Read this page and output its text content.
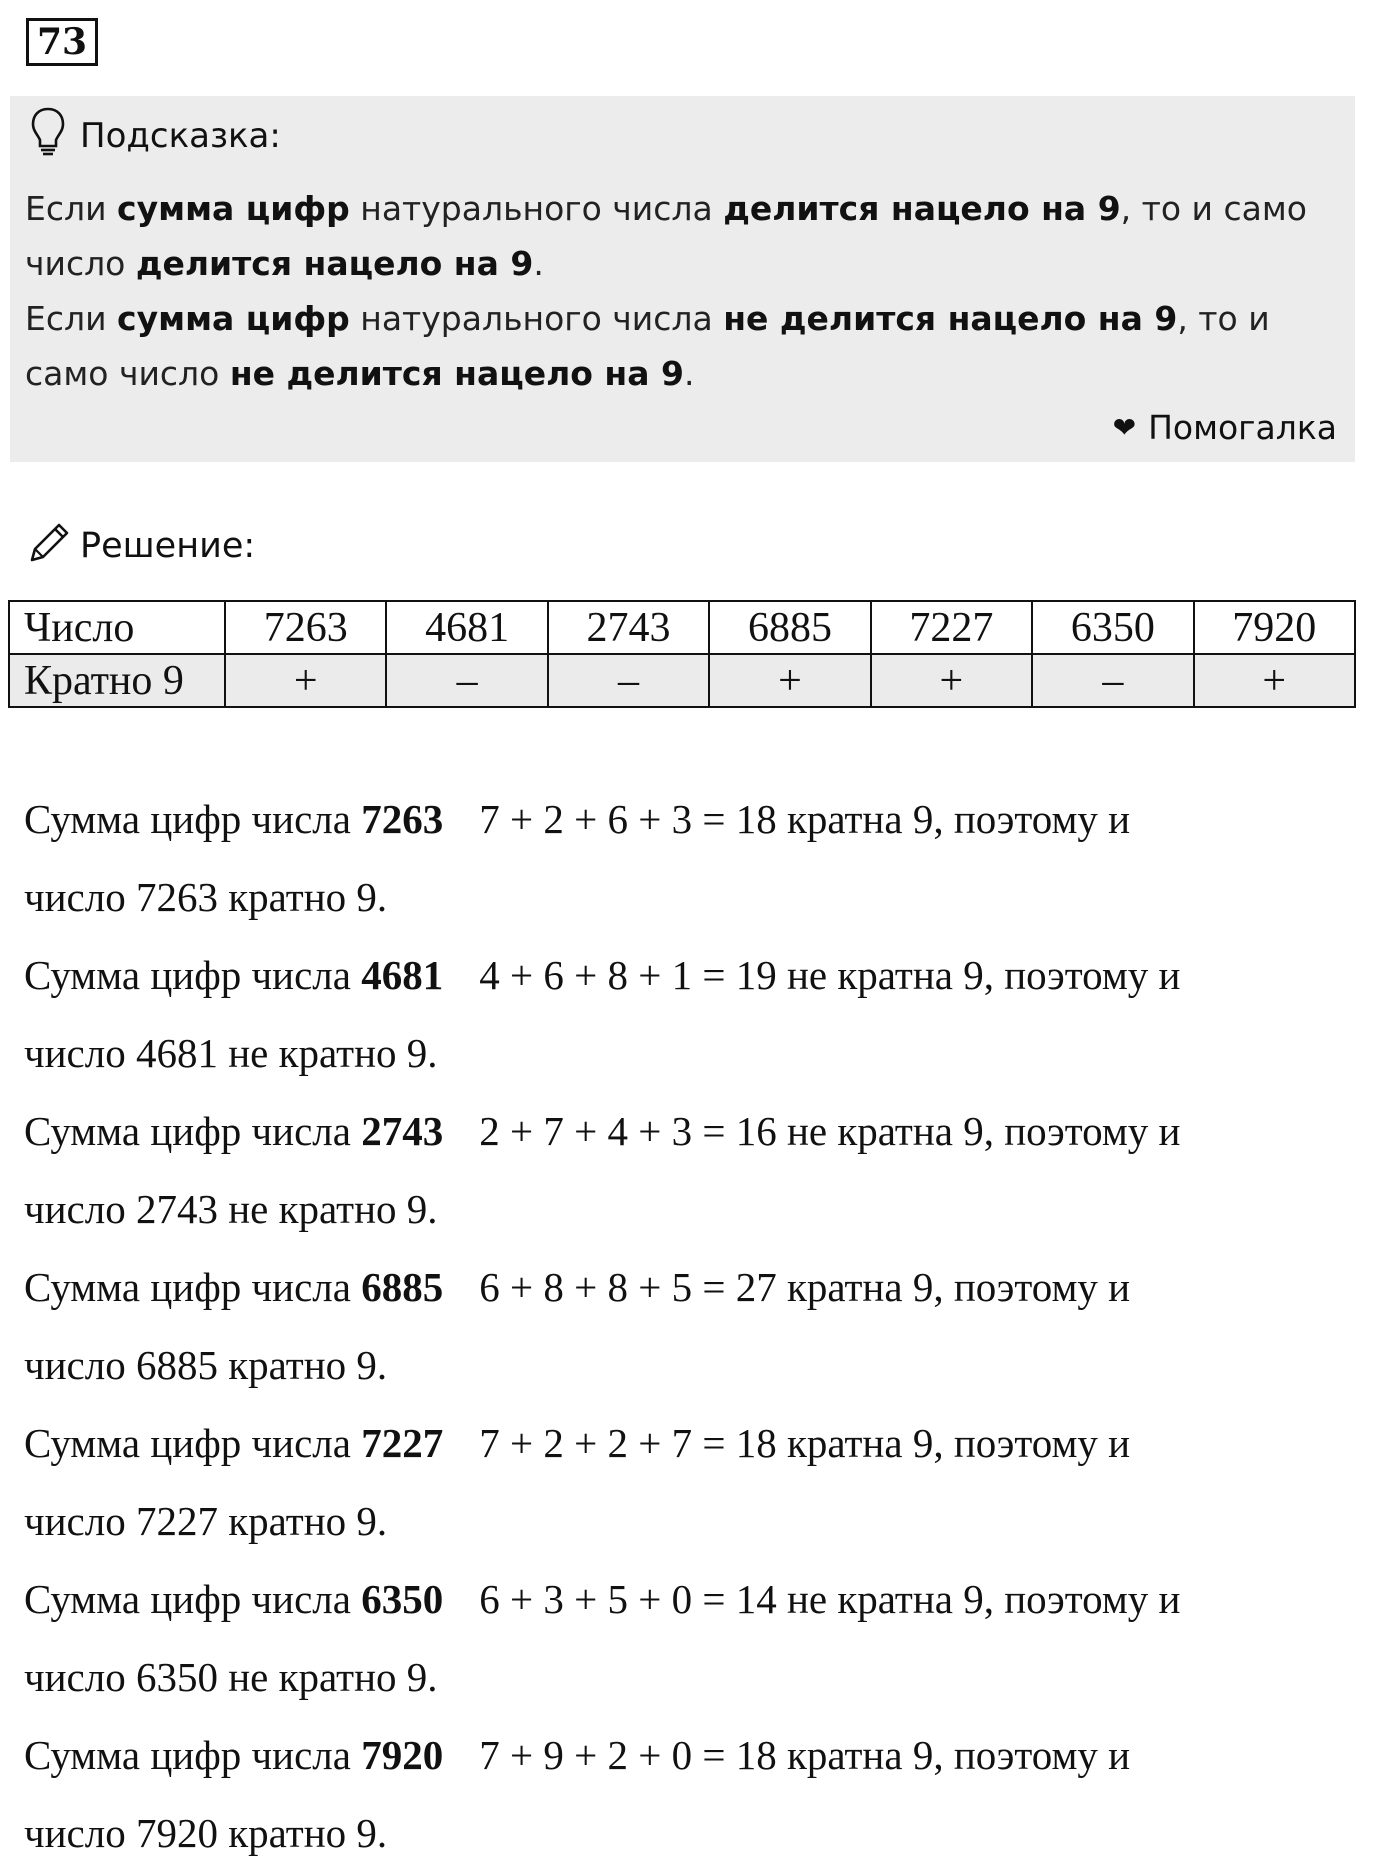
73
Подсказка:
Если сумма цифр натурального числа делится нацело на 9, то и само
число делится нацело на 9.
Если сумма цифр натурального числа не делится нацело на 9, то и
само число не делится нацело на 9.
❤ Помогалка
Решение:
Число	7263	4681	2743	6885	7227	6350	7920
Кратно 9	+	–	–	+	+	–	+
Сумма цифр числа 7263 7 + 2 + 6 + 3 = 18 кратна 9, поэтому и
число 7263 кратно 9.
Сумма цифр числа 4681 4 + 6 + 8 + 1 = 19 не кратна 9, поэтому и
число 4681 не кратно 9.
Сумма цифр числа 2743 2 + 7 + 4 + 3 = 16 не кратна 9, поэтому и
число 2743 не кратно 9.
Сумма цифр числа 6885 6 + 8 + 8 + 5 = 27 кратна 9, поэтому и
число 6885 кратно 9.
Сумма цифр числа 7227 7 + 2 + 2 + 7 = 18 кратна 9, поэтому и
число 7227 кратно 9.
Сумма цифр числа 6350 6 + 3 + 5 + 0 = 14 не кратна 9, поэтому и
число 6350 не кратно 9.
Сумма цифр числа 7920 7 + 9 + 2 + 0 = 18 кратна 9, поэтому и
число 7920 кратно 9.
